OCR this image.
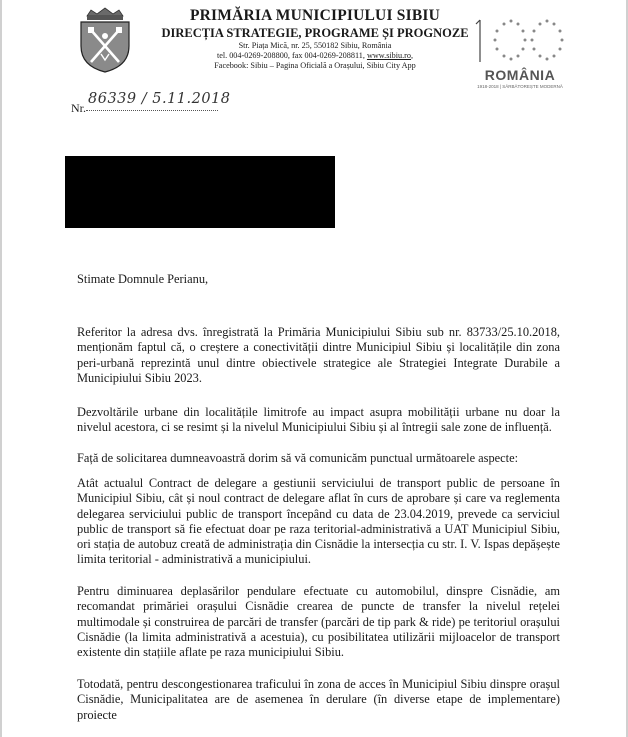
PRIMĂRIA MUNICIPIULUI SIBIU
DIRECȚIA STRATEGIE, PROGRAME ȘI PROGNOZE
Str. Piața Mică, nr. 25, 550182 Sibiu, România
tel. 004-0269-208800, fax 004-0269-208811, www.sibiu.ro,
Facebook: Sibiu – Pagina Oficială a Orașului, Sibiu City App
ROMÂNIA
1918-2018 | SĂRBĂTOREȘTE MODERNĂ
Nr.
86339 / 5.11.2018
Stimate Domnule Perianu,
Referitor la adresa dvs. înregistrată la Primăria Municipiului Sibiu sub nr. 83733/25.10.2018, menționăm faptul că, o creștere a conectivității dintre Municipiul Sibiu și localitățile din zona peri-urbană reprezintă unul dintre obiectivele strategice ale Strategiei Integrate Durabile a Municipiului Sibiu 2023.
Dezvoltările urbane din localitățile limitrofe au impact asupra mobilității urbane nu doar la nivelul acestora, ci se resimt și la nivelul Municipiului Sibiu și al întregii sale zone de influență.
Față de solicitarea dumneavoastră dorim să vă comunicăm punctual următoarele aspecte:
Atât actualul Contract de delegare a gestiunii serviciului de transport public de persoane în Municipiul Sibiu, cât și noul contract de delegare aflat în curs de aprobare și care va reglementa delegarea serviciului public de transport începând cu data de 23.04.2019, prevede ca serviciul public de transport să fie efectuat doar pe raza teritorial-administrativă a UAT Municipiul Sibiu, ori stația de autobuz creată de administrația din Cisnădie la intersecția cu str. I. V. Ispas depășește limita teritorial - administrativă a municipiului.
Pentru diminuarea deplasărilor pendulare efectuate cu automobilul, dinspre Cisnădie, am recomandat primăriei orașului Cisnădie crearea de puncte de transfer la nivelul rețelei multimodale și construirea de parcări de transfer (parcări de tip park & ride) pe teritoriul orașului Cisnădie (la limita administrativă a acestuia), cu posibilitatea utilizării mijloacelor de transport existente din stațiile aflate pe raza municipiului Sibiu.
Totodată, pentru descongestionarea traficului în zona de acces în Municipiul Sibiu dinspre orașul Cisnădie, Municipalitatea are de asemenea în derulare (în diverse etape de implementare) proiecte
